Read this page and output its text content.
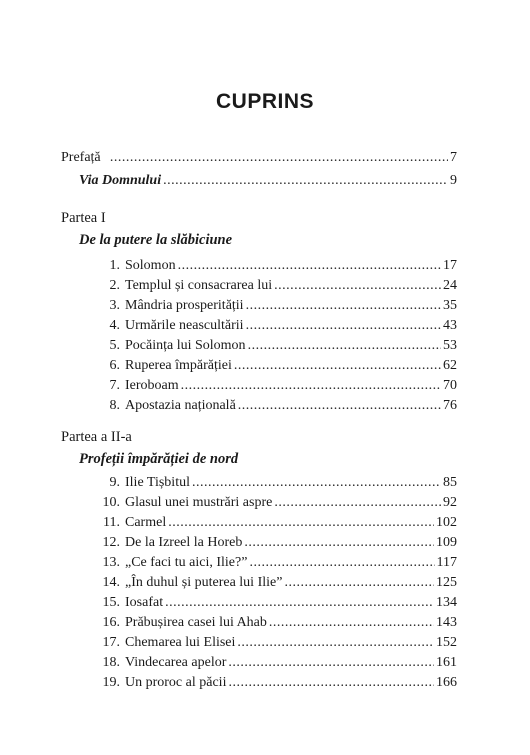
CUPRINS
Prefață .....	7
Via Domnului .....	9
Partea I
De la putere la slăbiciune
1. Solomon .....	17
2. Templul și consacrarea lui .....	24
3. Mândria prosperității .....	35
4. Urmările neascultării .....	43
5. Pocăința lui Solomon .....	53
6. Ruperea împărăției .....	62
7. Ieroboam .....	70
8. Apostazia națională .....	76
Partea a II-a
Profeții împărăției de nord
9. Ilie Tișbitul .....	85
10. Glasul unei mustrări aspre .....	92
11. Carmel .....	102
12. De la Izreel la Horeb .....	109
13. „Ce faci tu aici, Ilie?” .....	117
14. „În duhul și puterea lui Ilie” .....	125
15. Iosafat .....	134
16. Prăbușirea casei lui Ahab .....	143
17. Chemarea lui Elisei .....	152
18. Vindecarea apelor .....	161
19. Un proroc al păcii .....	166
